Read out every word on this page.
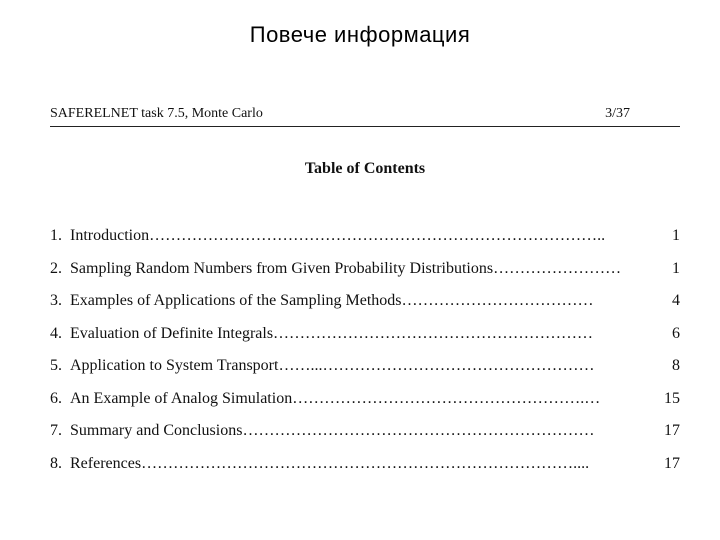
Повече информация
SAFERELNET task 7.5, Monte Carlo	3/37
Table of Contents
1. Introduction…………………………………………………………………………..	1
2. Sampling Random Numbers from Given Probability Distributions……………………	1
3. Examples of Applications of the Sampling Methods………………………………	4
4. Evaluation of Definite Integrals……………………………………………………	6
5. Application to System Transport……...……………………………………………	8
6. An Example of Analog Simulation……………………………………………….…	15
7. Summary and Conclusions…………………………………………………………	17
8. References………………………………………………………………………....	17
